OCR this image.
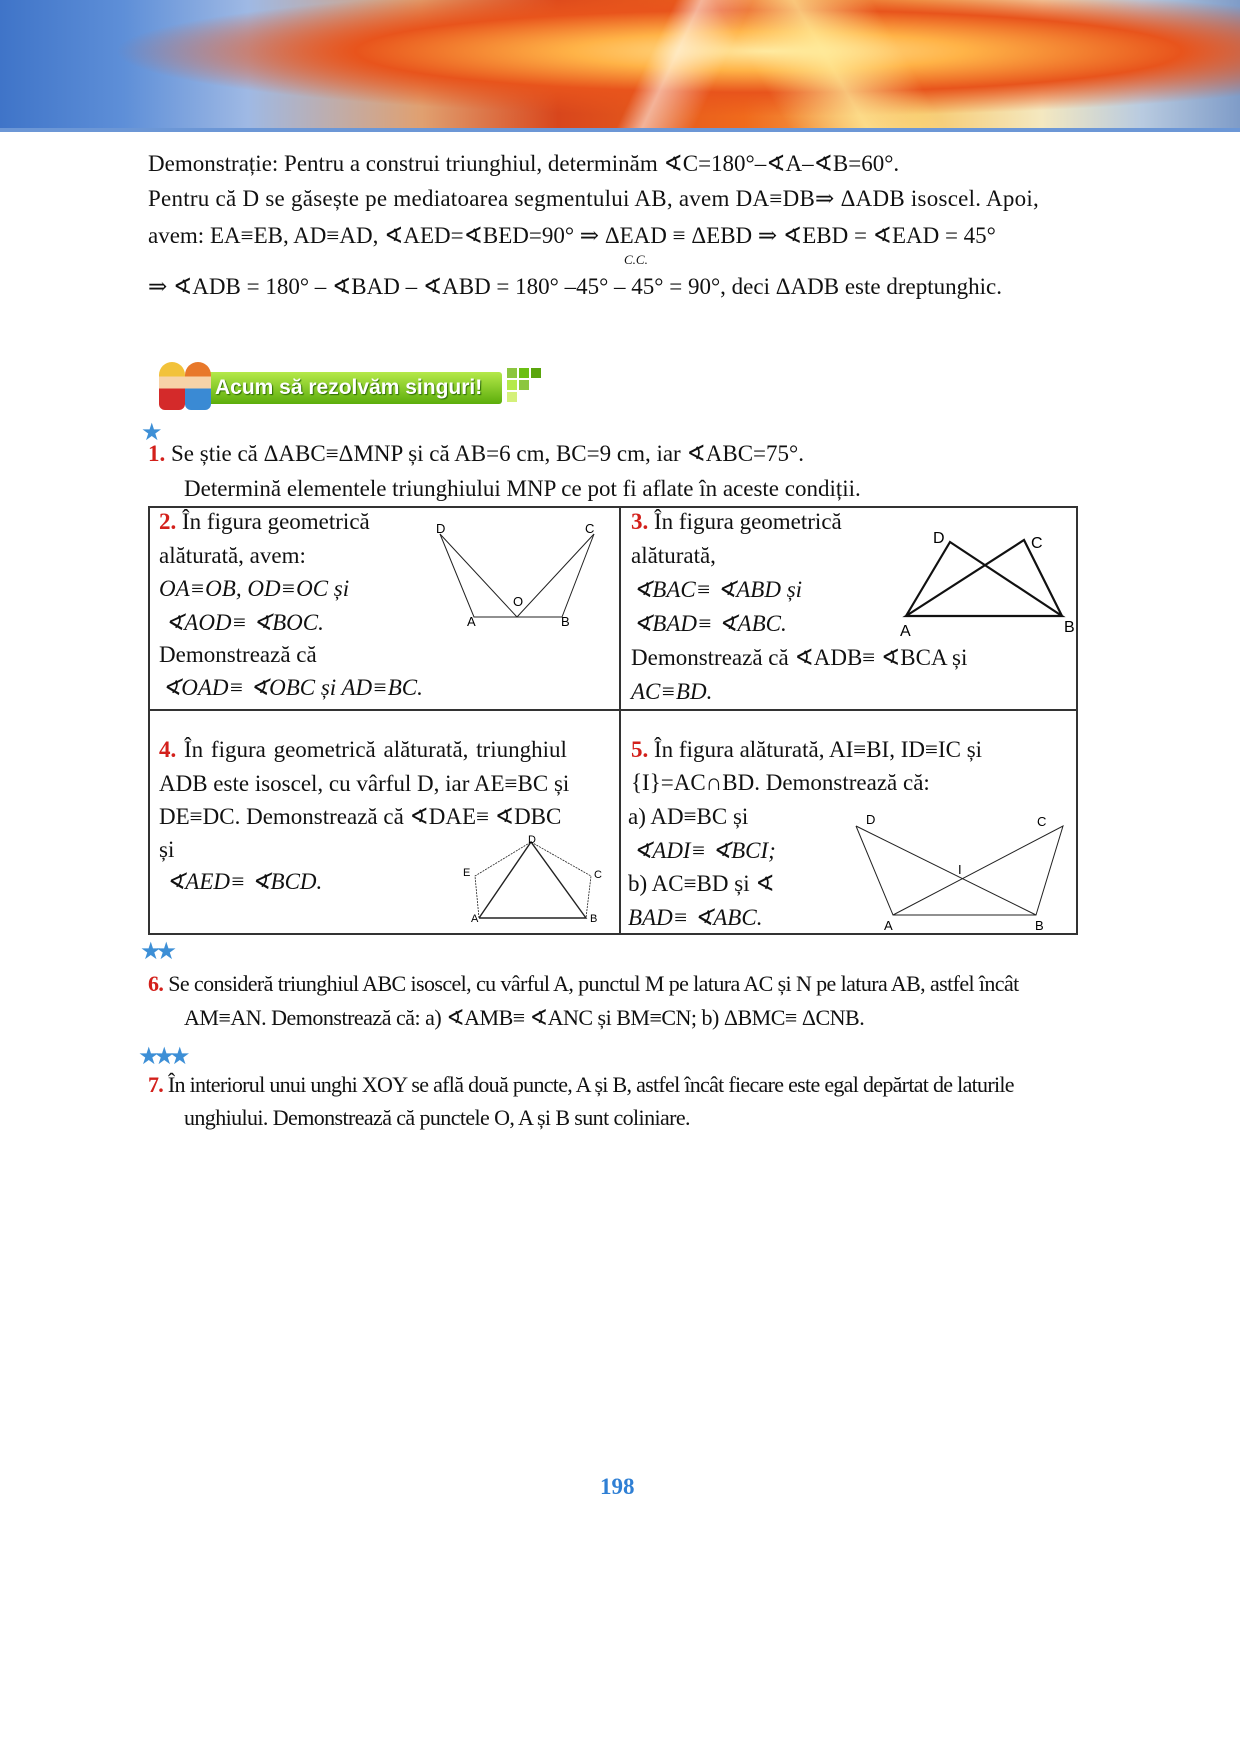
Demonstrație: Pentru a construi triunghiul, determinăm ∢C=180°–∢A–∢B=60°.
Pentru că D se găsește pe mediatoarea segmentului AB, avem DA≡DB⇒ ΔADB isoscel. Apoi,
avem: EA≡EB, AD≡AD, ∢AED=∢BED=90° ⇒ ΔEAD ≡ ΔEBD ⇒ ∢EBD = ∢EAD = 45°
C.C.
⇒ ∢ADB = 180° – ∢BAD – ∢ABD = 180° –45° – 45° = 90°, deci ΔADB este dreptunghic.
Acum să rezolvăm singuri!
★
1. Se știe că ΔABC≡ΔMNP și că AB=6 cm, BC=9 cm, iar ∢ABC=75°.
Determină elementele triunghiului MNP ce pot fi aflate în aceste condiții.

2. În figura geometrică
alăturată, avem:
OA≡OB, OD≡OC și
∢AOD≡ ∢BOC.
Demonstrează că
∢OAD≡ ∢OBC și AD≡BC.
3. În figura geometrică
alăturată,
∢BAC≡ ∢ABD și
∢BAD≡ ∢ABC.
Demonstrează că ∢ADB≡ ∢BCA și
AC≡BD.
4. În figura geometrică alăturată, triunghiul
ADB este isoscel, cu vârful D, iar AE≡BC și
DE≡DC. Demonstrează că ∢DAE≡ ∢DBC
și
∢AED≡ ∢BCD.
5. În figura alăturată, AI≡BI, ID≡IC și
{I}=AC∩BD. Demonstrează că:
a) AD≡BC și
∢ADI≡ ∢BCI;
b) AC≡BD și ∢
BAD≡ ∢ABC.
D	C
O
A	B
D	C
A	B
D
E	C
A	B
D	C
I
A	B
★★
6. Se consideră triunghiul ABC isoscel, cu vârful A, punctul M pe latura AC și N pe latura AB, astfel încât
AM≡AN. Demonstrează că: a) ∢AMB≡ ∢ANC și BM≡CN; b) ΔBMC≡ ΔCNB.
★★★
7. În interiorul unui unghi XOY se află două puncte, A și B, astfel încât fiecare este egal depărtat de laturile
unghiului. Demonstrează că punctele O, A și B sunt coliniare.
198
